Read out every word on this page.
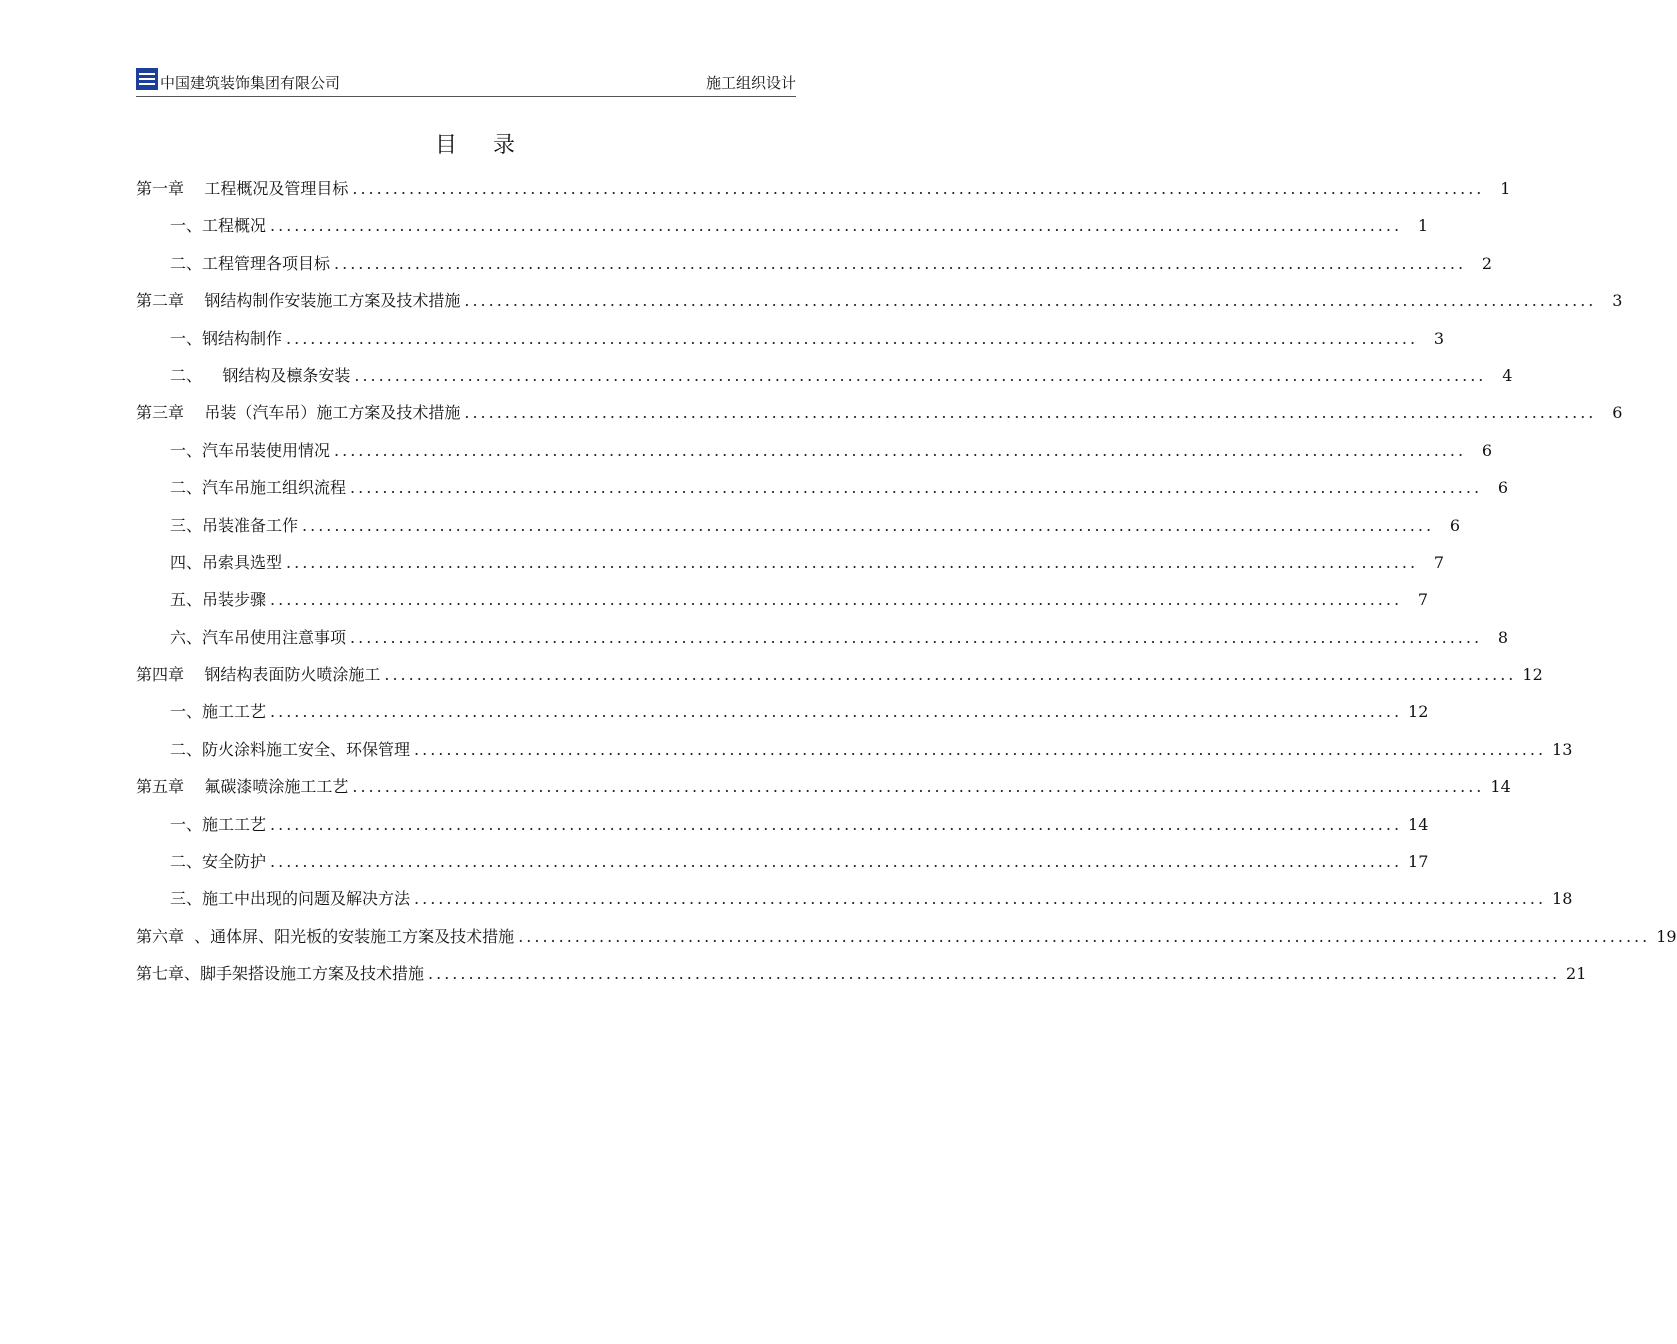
中国建筑装饰集团有限公司	施工组织设计
目录
第一章    工程概况及管理目标 ............................................................................................................................................ 1
一、工程概况 ............................................................................................................................................ 1
二、工程管理各项目标 ............................................................................................................................................ 2
第二章    钢结构制作安装施工方案及技术措施 ............................................................................................................................................ 3
一、钢结构制作 ............................................................................................................................................ 3
二、    钢结构及檩条安装 ............................................................................................................................................ 4
第三章    吊装（汽车吊）施工方案及技术措施 ............................................................................................................................................ 6
一、汽车吊装使用情况 ............................................................................................................................................ 6
二、汽车吊施工组织流程 ............................................................................................................................................ 6
三、吊装准备工作 ............................................................................................................................................ 6
四、吊索具选型 ............................................................................................................................................ 7
五、吊装步骤 ............................................................................................................................................ 7
六、汽车吊使用注意事项 ............................................................................................................................................ 8
第四章    钢结构表面防火喷涂施工 ............................................................................................................................................ 12
一、施工工艺 ............................................................................................................................................ 12
二、防火涂料施工安全、环保管理 ............................................................................................................................................ 13
第五章    氟碳漆喷涂施工工艺 ............................................................................................................................................ 14
一、施工工艺 ............................................................................................................................................ 14
二、安全防护 ............................................................................................................................................ 17
三、施工中出现的问题及解决方法 ............................................................................................................................................ 18
第六章  、通体屏、阳光板的安装施工方案及技术措施 ............................................................................................................................................ 19
第七章、脚手架搭设施工方案及技术措施 ............................................................................................................................................ 21
